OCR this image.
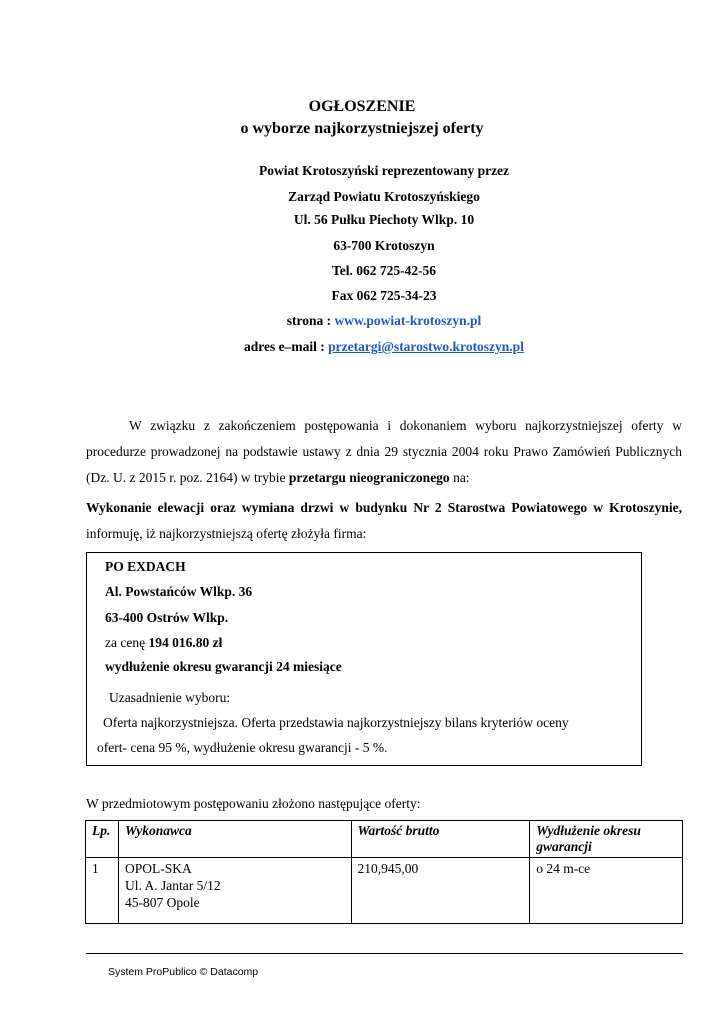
OGŁOSZENIE
o wyborze najkorzystniejszej oferty
Powiat Krotoszyński reprezentowany przez
Zarząd Powiatu Krotoszyńskiego
Ul. 56 Pułku Piechoty Wlkp. 10
63-700 Krotoszyn
Tel. 062 725-42-56
Fax 062 725-34-23
strona : www.powiat-krotoszyn.pl
adres e–mail : przetargi@starostwo.krotoszyn.pl
W związku z zakończeniem postępowania i dokonaniem wyboru najkorzystniejszej oferty w procedurze prowadzonej na podstawie ustawy z dnia 29 stycznia 2004 roku Prawo Zamówień Publicznych (Dz. U. z 2015 r. poz. 2164) w trybie przetargu nieograniczonego na:
Wykonanie elewacji oraz wymiana drzwi w budynku Nr 2 Starostwa Powiatowego w Krotoszynie, informuję, iż najkorzystniejszą ofertę złożyła firma:
PO EXDACH
Al. Powstańców Wlkp. 36
63-400 Ostrów Wlkp.
za cenę 194 016.80 zł
wydłużenie okresu gwarancji 24 miesiące
Uzasadnienie wyboru:
Oferta najkorzystniejsza. Oferta przedstawia najkorzystniejszy bilans kryteriów oceny
ofert- cena 95 %, wydłużenie okresu gwarancji - 5 %.
W przedmiotowym postępowaniu złożono następujące oferty:
Lp.	Wykonawca	Wartość brutto	Wydłużenie okresu gwarancji
1	OPOL-SKA
Ul. A. Jantar 5/12
45-807 Opole	210,945,00	o 24 m-ce
System ProPublico © Datacomp
